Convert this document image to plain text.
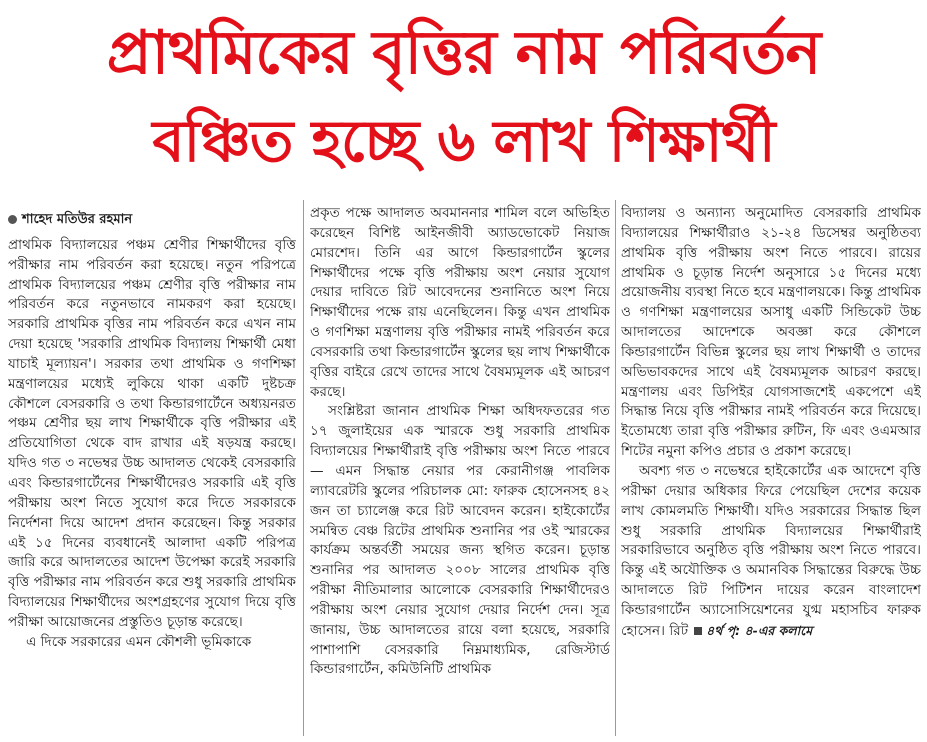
প্রাথমিকের বৃত্তির নাম পরিবর্তন
বঞ্চিত হচ্ছে ৬ লাখ শিক্ষার্থী
শাহেদ মতিউর রহমান

প্রাথমিক বিদ্যালয়ের পঞ্চম শ্রেণীর শিক্ষার্থীদের বৃত্তি পরীক্ষার নাম পরিবর্তন করা হয়েছে। নতুন পরিপত্রে প্রাথমিক বিদ্যালয়ের পঞ্চম শ্রেণীর বৃত্তি পরীক্ষার নাম পরিবর্তন করে নতুনভাবে নামকরণ করা হয়েছে। সরকারি প্রাথমিক বৃত্তির নাম পরিবর্তন করে এখন নাম দেয়া হয়েছে 'সরকারি প্রাথমিক বিদ্যালয় শিক্ষার্থী মেধা যাচাই মূল্যায়ন'। সরকার তথা প্রাথমিক ও গণশিক্ষা মন্ত্রণালয়ের মধ্যেই লুকিয়ে থাকা একটি দুষ্টচক্র কৌশলে বেসরকারি ও তথা কিন্ডারগার্টেনে অধ্যয়নরত পঞ্চম শ্রেণীর ছয় লাখ শিক্ষার্থীকে বৃত্তি পরীক্ষার এই প্রতিযোগিতা থেকে বাদ রাখার এই ষড়যন্ত্র করছে। যদিও গত ৩ নভেম্বর উচ্চ আদালত থেকেই বেসরকারি এবং কিন্ডারগার্টেনের শিক্ষার্থীদেরও সরকারি এই বৃত্তি পরীক্ষায় অংশ নিতে সুযোগ করে দিতে সরকারকে নির্দেশনা দিয়ে আদেশ প্রদান করেছেন। কিন্তু সরকার এই ১৫ দিনের ব্যবধানেই আলাদা একটি পরিপত্র জারি করে আদালতের আদেশ উপেক্ষা করেই সরকারি বৃত্তি পরীক্ষার নাম পরিবর্তন করে শুধু সরকারি প্রাথমিক বিদ্যালয়ের শিক্ষার্থীদের অংশগ্রহণের সুযোগ দিয়ে বৃত্তি পরীক্ষা আয়োজনের প্রস্তুতিও চূড়ান্ত করেছে।

এ দিকে সরকারের এমন কৌশলী ভূমিকাকে

প্রকৃত পক্ষে আদালত অবমাননার শামিল বলে অভিহিত করেছেন বিশিষ্ট আইনজীবী অ্যাডভোকেট নিয়াজ মোরশেদ। তিনি এর আগে কিন্ডারগার্টেন স্কুলের শিক্ষার্থীদের পক্ষে বৃত্তি পরীক্ষায় অংশ নেয়ার সুযোগ দেয়ার দাবিতে রিট আবেদনের শুনানিতে অংশ নিয়ে শিক্ষার্থীদের পক্ষে রায় এনেছিলেন। কিন্তু এখন প্রাথমিক ও গণশিক্ষা মন্ত্রণালয় বৃত্তি পরীক্ষার নামই পরিবর্তন করে বেসরকারি তথা কিন্ডারগার্টেন স্কুলের ছয় লাখ শিক্ষার্থীকে বৃত্তির বাইরে রেখে তাদের সাথে বৈষম্যমূলক এই আচরণ করছে।

সংশ্লিষ্টরা জানান প্রাথমিক শিক্ষা অধিদফতরের গত ১৭ জুলাইয়ের এক স্মারকে শুধু সরকারি প্রাথমিক বিদ্যালয়ের শিক্ষার্থীরাই বৃত্তি পরীক্ষায় অংশ নিতে পারবে— এমন সিদ্ধান্ত নেয়ার পর কেরানীগঞ্জ পাবলিক ল্যাবরেটরি স্কুলের পরিচালক মো: ফারুক হোসেনসহ ৪২ জন তা চ্যালেঞ্জ করে রিট আবেদন করেন। হাইকোর্টের সমন্বিত বেঞ্চ রিটের প্রাথমিক শুনানির পর ওই স্মারকের কার্যক্রম অন্তর্বর্তী সময়ের জন্য স্থগিত করেন। চূড়ান্ত শুনানির পর আদালত ২০০৮ সালের প্রাথমিক বৃত্তি পরীক্ষা নীতিমালার আলোকে বেসরকারি শিক্ষার্থীদেরও পরীক্ষায় অংশ নেয়ার সুযোগ দেয়ার নির্দেশ দেন। সূত্র জানায়, উচ্চ আদালতের রায়ে বলা হয়েছে, সরকারি পাশাপাশি বেসরকারি নিম্নমাধ্যমিক, রেজিস্টার্ড কিন্ডারগার্টেন, কমিউনিটি প্রাথমিক

বিদ্যালয় ও অন্যান্য অনুমোদিত বেসরকারি প্রাথমিক বিদ্যালয়ের শিক্ষার্থীরাও ২১-২৪ ডিসেম্বর অনুষ্ঠিতব্য প্রাথমিক বৃত্তি পরীক্ষায় অংশ নিতে পারবে। রায়ের প্রাথমিক ও চূড়ান্ত নির্দেশ অনুসারে ১৫ দিনের মধ্যে প্রয়োজনীয় ব্যবস্থা নিতে হবে মন্ত্রণালয়কে। কিন্তু প্রাথমিক ও গণশিক্ষা মন্ত্রণালয়ের অসাধু একটি সিন্ডিকেট উচ্চ আদালতের আদেশকে অবজ্ঞা করে কৌশলে কিন্ডারগার্টেন বিভিন্ন স্কুলের ছয় লাখ শিক্ষার্থী ও তাদের অভিভাবকদের সাথে এই বৈষম্যমূলক আচরণ করছে। মন্ত্রণালয় এবং ডিপিইর যোগসাজশেই একপেশে এই সিদ্ধান্ত নিয়ে বৃত্তি পরীক্ষার নামই পরিবর্তন করে দিয়েছে। ইতোমধ্যে তারা বৃত্তি পরীক্ষার রুটিন, ফি এবং ওএমআর শিটের নমুনা কপিও প্রচার ও প্রকাশ করেছে।

অবশ্য গত ৩ নভেম্বরে হাইকোর্টের এক আদেশে বৃত্তি পরীক্ষা দেয়ার অধিকার ফিরে পেয়েছিল দেশের কয়েক লাখ কোমলমতি শিক্ষার্থী। যদিও সরকারের সিদ্ধান্ত ছিল শুধু সরকারি প্রাথমিক বিদ্যালয়ের শিক্ষার্থীরাই সরকারিভাবে অনুষ্ঠিত বৃত্তি পরীক্ষায় অংশ নিতে পারবে। কিন্তু এই অযৌক্তিক ও অমানবিক সিদ্ধান্তের বিরুদ্ধে উচ্চ আদালতে রিট পিটিশন দায়ের করেন বাংলাদেশ কিন্ডারগার্টেন অ্যাসোসিয়েশনের যুগ্ম মহাসচিব ফারুক হোসেন। রিট ৪র্থ পৃ: ৪-এর কলামে
